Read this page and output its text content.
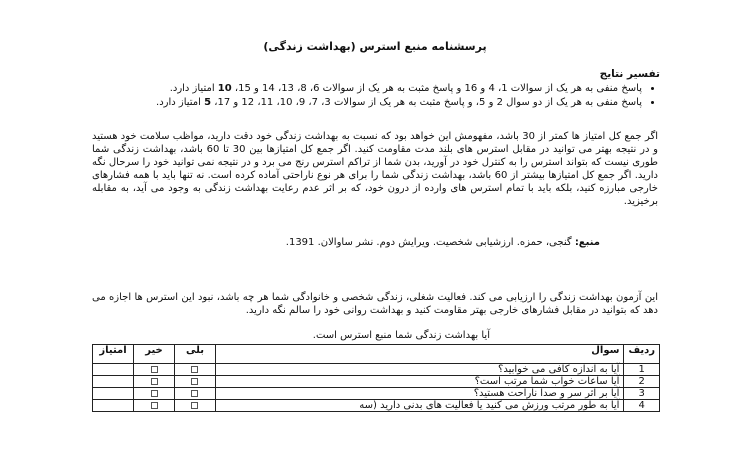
پرسشنامه منبع استرس (بهداشت زندگی)
تفسیر نتایج
• پاسخ منفی به هر یک از سوالات 1، 4 و 16 و پاسخ مثبت به هر یک از سوالات 6، 8، 13، 14 و 15، 10 امتیاز دارد.
• پاسخ منفی به هر یک از دو سوال 2 و 5، و پاسخ مثبت به هر یک از سوالات 3، 7، 9، 10، 11، 12 و 17، 5 امتیاز دارد.

اگر جمع کل امتیاز ها کمتر از 30 باشد، مفهومش این خواهد بود که نسبت به بهداشت زندگی خود دقت دارید، مواظب سلامت خود هستید و در نتیجه بهتر می توانید در مقابل استرس های بلند مدت مقاومت کنید. اگر جمع کل امتیازها بین 30 تا 60 باشد، بهداشت زندگی شما طوری نیست که بتواند استرس را به کنترل خود در آورید، بدن شما از تراکم استرس رنج می برد و در نتیجه نمی توانید خود را سرحال نگه دارید. اگر جمع کل امتیازها بیشتر از 60 باشد، بهداشت زندگی شما را برای هر نوع ناراحتی آماده کرده است. نه تنها باید با همه فشارهای خارجی مبارزه کنید، بلکه باید با تمام استرس های وارده از درون خود، که بر اثر عدم رعایت بهداشت زندگی به وجود می آید، به مقابله برخیزید.

منبع: گنجی، حمزه. ارزشیابی شخصیت. ویرایش دوم. نشر ساوالان. 1391.

این آزمون بهداشت زندگی را ارزیابی می کند. فعالیت شغلی، زندگی شخصی و خانوادگی شما هر چه باشد، نبود این استرس ها اجازه می دهد که بتوانید در مقابل فشارهای خارجی بهتر مقاومت کنید و بهداشت روانی خود را سالم نگه دارید.

آیا بهداشت زندگی شما منبع استرس است.
ردیف	سوال	بلی	خیر	امتیاز
1	آیا به اندازه کافی می خوابید؟			
2	آیا ساعات خواب شما مرتب است؟			
3	آیا بر اثر سر و صدا ناراحت هستید؟			
4	آیا به طور مرتب ورزش می کنید یا فعالیت های بدنی دارید (سه			
